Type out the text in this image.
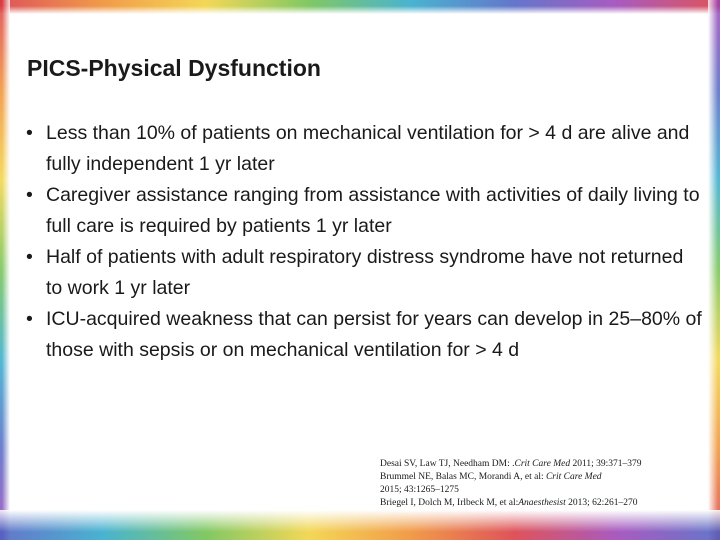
PICS-Physical Dysfunction
• Less than 10% of patients on mechanical ventilation for > 4 d are alive and fully independent 1 yr later
• Caregiver assistance ranging from assistance with activities of daily living to full care is required by patients 1 yr later
• Half of patients with adult respiratory distress syndrome have not returned to work 1 yr later
• ICU-acquired weakness that can persist for years can develop in 25–80% of those with sepsis or on mechanical ventilation for > 4 d
Desai SV, Law TJ, Needham DM: .Crit Care Med 2011; 39:371–379
Brummel NE, Balas MC, Morandi A, et al: Crit Care Med
2015; 43:1265–1275
Briegel I, Dolch M, Irlbeck M, et al:Anaesthesist 2013; 62:261–270
